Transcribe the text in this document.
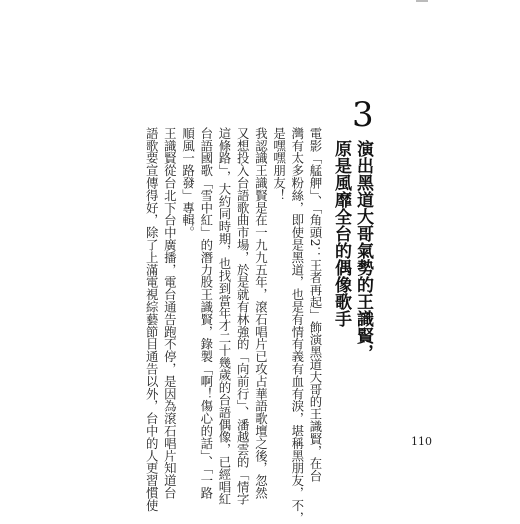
3
演出黑道大哥氣勢的王識賢，
原是風靡全台的偶像歌手
電影「艋舺」、「角頭2：王者再起」飾演黑道大哥的王識賢，在台
灣有太多粉絲，即使是黑道，也是有情有義有血有淚，堪稱黑朋友，不，
是嘿嘿朋友！
我認識王識賢是在一九九五年，滾石唱片已攻占華語歌壇之後，忽然
又想投入台語歌曲市場，於是就有林強的「向前行」、潘越雲的「情字
這條路」，大約同時期，也找到當年才二十幾歲的台語偶像，已經唱紅
台語國歌「雪中紅」的潛力股王識賢，錄製「啊！傷心的話」、「一路
順風一路發」專輯。
王識賢從台北下台中廣播，電台通告跑不停，是因為滾石唱片知道台
語歌要宣傳得好，除了上滿電視綜藝節目通告以外，台中的人更習慣使	110
